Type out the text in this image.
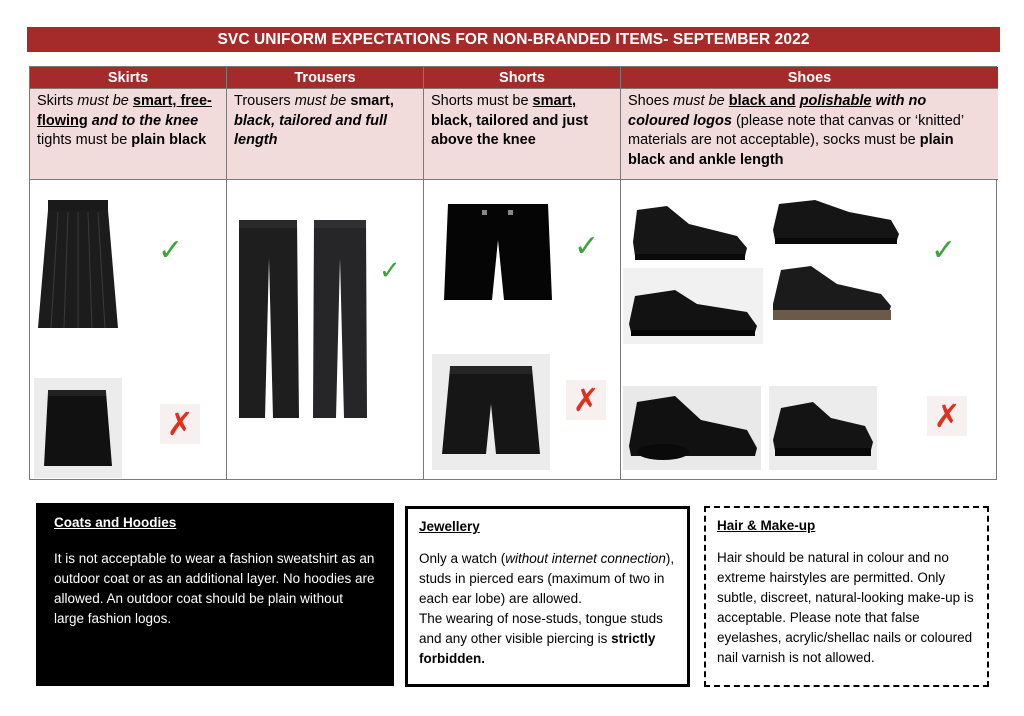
SVC UNIFORM EXPECTATIONS FOR NON-BRANDED ITEMS- SEPTEMBER 2022
Skirts
Skirts must be smart, free-flowing and to the knee tights must be plain black
✓
✗
Trousers
Trousers must be smart, black, tailored and full length
✓
Shorts
Shorts must be smart, black, tailored and just above the knee
✓
✗
Shoes
Shoes must be black and polishable with no coloured logos (please note that canvas or ‘knitted’ materials are not acceptable), socks must be plain black and ankle length
✓
✗
Coats and Hoodies
It is not acceptable to wear a fashion sweatshirt as an outdoor coat or as an additional layer. No hoodies are allowed. An outdoor coat should be plain without large fashion logos.
Jewellery
Only a watch (without internet connection), studs in pierced ears (maximum of two in each ear lobe) are allowed.
The wearing of nose-studs, tongue studs and any other visible piercing is strictly forbidden.
Hair & Make-up
Hair should be natural in colour and no extreme hairstyles are permitted. Only subtle, discreet, natural-looking make-up is acceptable. Please note that false eyelashes, acrylic/shellac nails or coloured nail varnish is not allowed.
